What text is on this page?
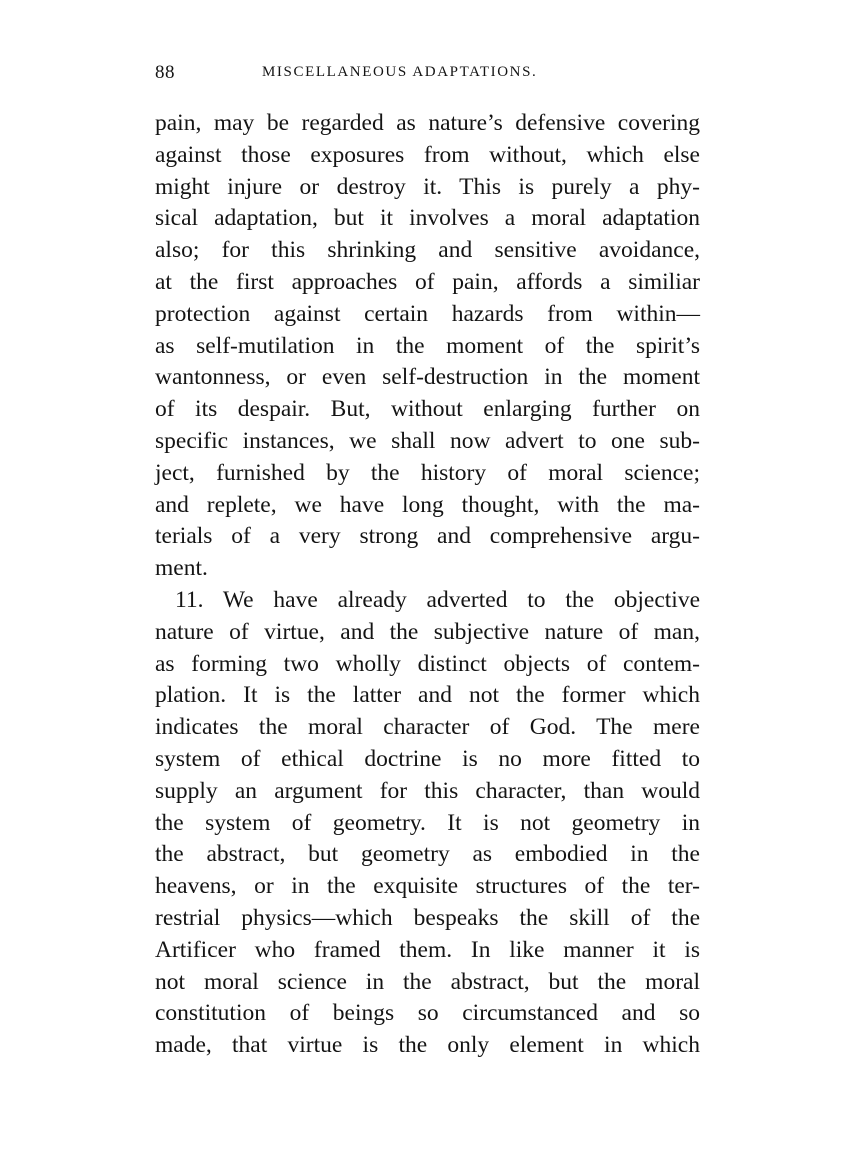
88	MISCELLANEOUS ADAPTATIONS.
pain, may be regarded as nature’s defensive covering
against those exposures from without, which else
might injure or destroy it. This is purely a phy-
sical adaptation, but it involves a moral adaptation
also; for this shrinking and sensitive avoidance,
at the first approaches of pain, affords a similiar
protection against certain hazards from within—
as self-mutilation in the moment of the spirit’s
wantonness, or even self-destruction in the moment
of its despair. But, without enlarging further on
specific instances, we shall now advert to one sub-
ject, furnished by the history of moral science;
and replete, we have long thought, with the ma-
terials of a very strong and comprehensive argu-
ment.
11. We have already adverted to the objective
nature of virtue, and the subjective nature of man,
as forming two wholly distinct objects of contem-
plation. It is the latter and not the former which
indicates the moral character of God. The mere
system of ethical doctrine is no more fitted to
supply an argument for this character, than would
the system of geometry. It is not geometry in
the abstract, but geometry as embodied in the
heavens, or in the exquisite structures of the ter-
restrial physics—which bespeaks the skill of the
Artificer who framed them. In like manner it is
not moral science in the abstract, but the moral
constitution of beings so circumstanced and so
made, that virtue is the only element in which
